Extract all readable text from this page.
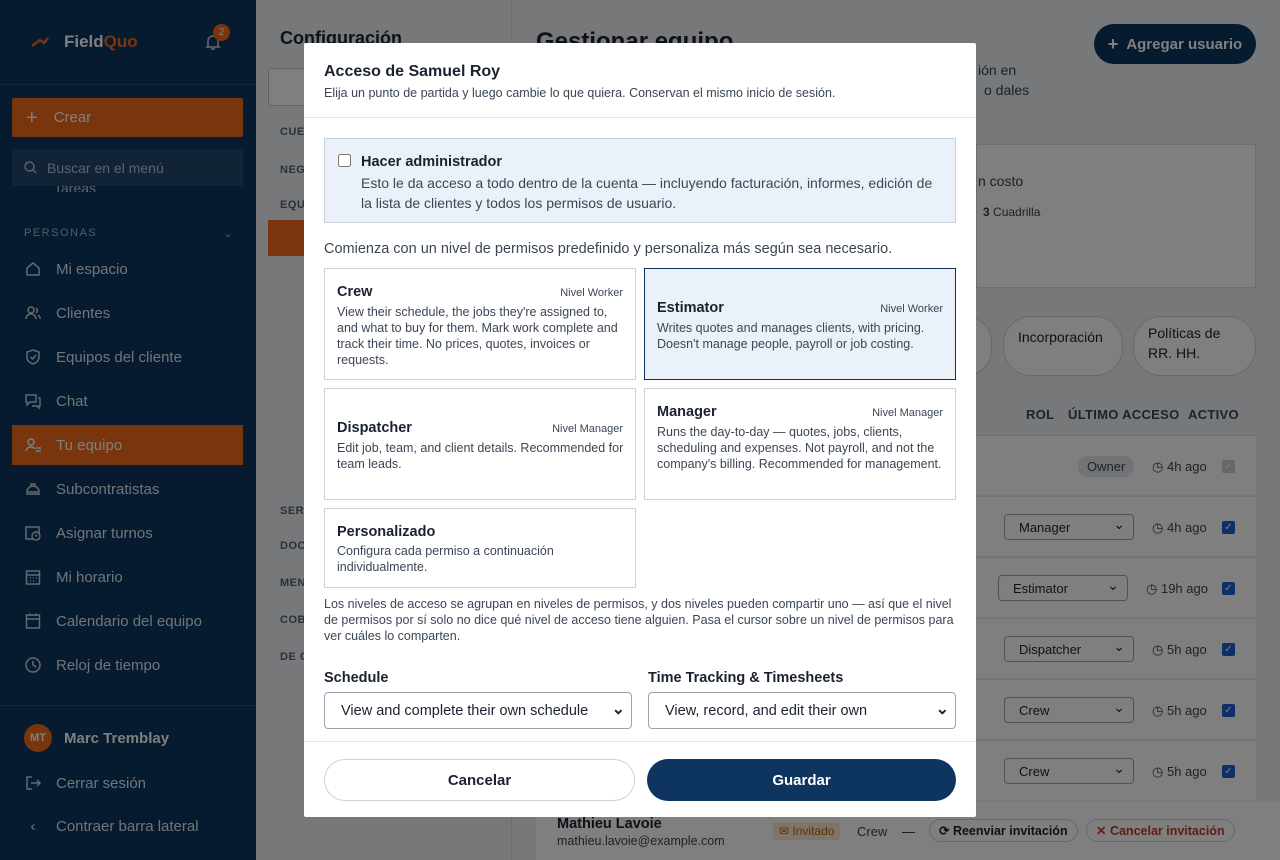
⌄
⌄
⌄
⌄
⌄
Acceso de Samuel Roy
Elija un punto de partida y luego cambie lo que quiera. Conservan el mismo inicio de sesión.
Hacer administrador
Esto le da acceso a todo dentro de la cuenta — incluyendo facturación, informes, edición de la lista de clientes y todos los permisos de usuario.
Comienza con un nivel de permisos predefinido y personaliza más según sea necesario.
Crew	Nivel Worker
View their schedule, the jobs they're assigned to, and what to buy for them. Mark work complete and track their time. No prices, quotes, invoices or requests.
Estimator	Nivel Worker
Writes quotes and manages clients, with pricing. Doesn't manage people, payroll or job costing.
Dispatcher	Nivel Manager
Edit job, team, and client details. Recommended for team leads.
Manager	Nivel Manager
Runs the day-to-day — quotes, jobs, clients, scheduling and expenses. Not payroll, and not the company's billing. Recommended for management.
Personalizado
Configura cada permiso a continuación individualmente.
Los niveles de acceso se agrupan en niveles de permisos, y dos niveles pueden compartir uno — así que el nivel de permisos por sí solo no dice qué nivel de acceso tiene alguien. Pasa el cursor sobre un nivel de permisos para ver cuáles lo comparten.
Schedule
View and complete their own schedule ⌄
Time Tracking & Timesheets
View, record, and edit their own ⌄
Cancelar	Guardar
